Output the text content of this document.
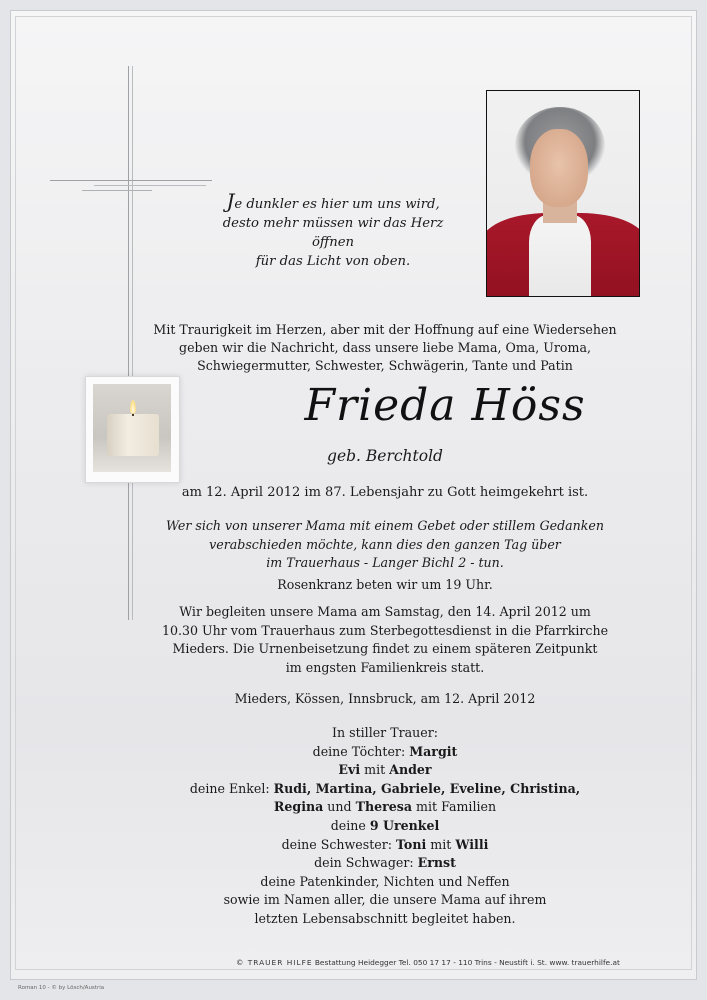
Je dunkler es hier um uns wird,

desto mehr müssen wir das Herz öffnen

für das Licht von oben.

Mit Traurigkeit im Herzen, aber mit der Hoffnung auf eine Wiedersehen

geben wir die Nachricht, dass unsere liebe Mama, Oma, Uroma,

Schwiegermutter, Schwester, Schwägerin, Tante und Patin

Frieda Höss
geb. Berchtold
am 12. April 2012 im 87. Lebensjahr zu Gott heimgekehrt ist.

Wer sich von unserer Mama mit einem Gebet oder stillem Gedanken

verabschieden möchte, kann dies den ganzen Tag über

im Trauerhaus - Langer Bichl 2 - tun.

Rosenkranz beten wir um 19 Uhr.

Wir begleiten unsere Mama am Samstag, den 14. April 2012 um

10.30 Uhr vom Trauerhaus zum Sterbegottesdienst in die Pfarrkirche

Mieders. Die Urnenbeisetzung findet zu einem späteren Zeitpunkt

im engsten Familienkreis statt.

Mieders, Kössen, Innsbruck, am 12. April 2012

In stiller Trauer:

deine Töchter: Margit

Evi mit Ander

deine Enkel: Rudi, Martina, Gabriele, Eveline, Christina,

Regina und Theresa mit Familien

deine 9 Urenkel

deine Schwester: Toni mit Willi

dein Schwager: Ernst

deine Patenkinder, Nichten und Neffen

sowie im Namen aller, die unsere Mama auf ihrem

letzten Lebensabschnitt begleitet haben.

© TRAUER HILFE Bestattung Heidegger Tel. 050 17 17 - 110 Trins - Neustift i. St. www. trauerhilfe.at
Roman 10 - © by Lösch/Austria
